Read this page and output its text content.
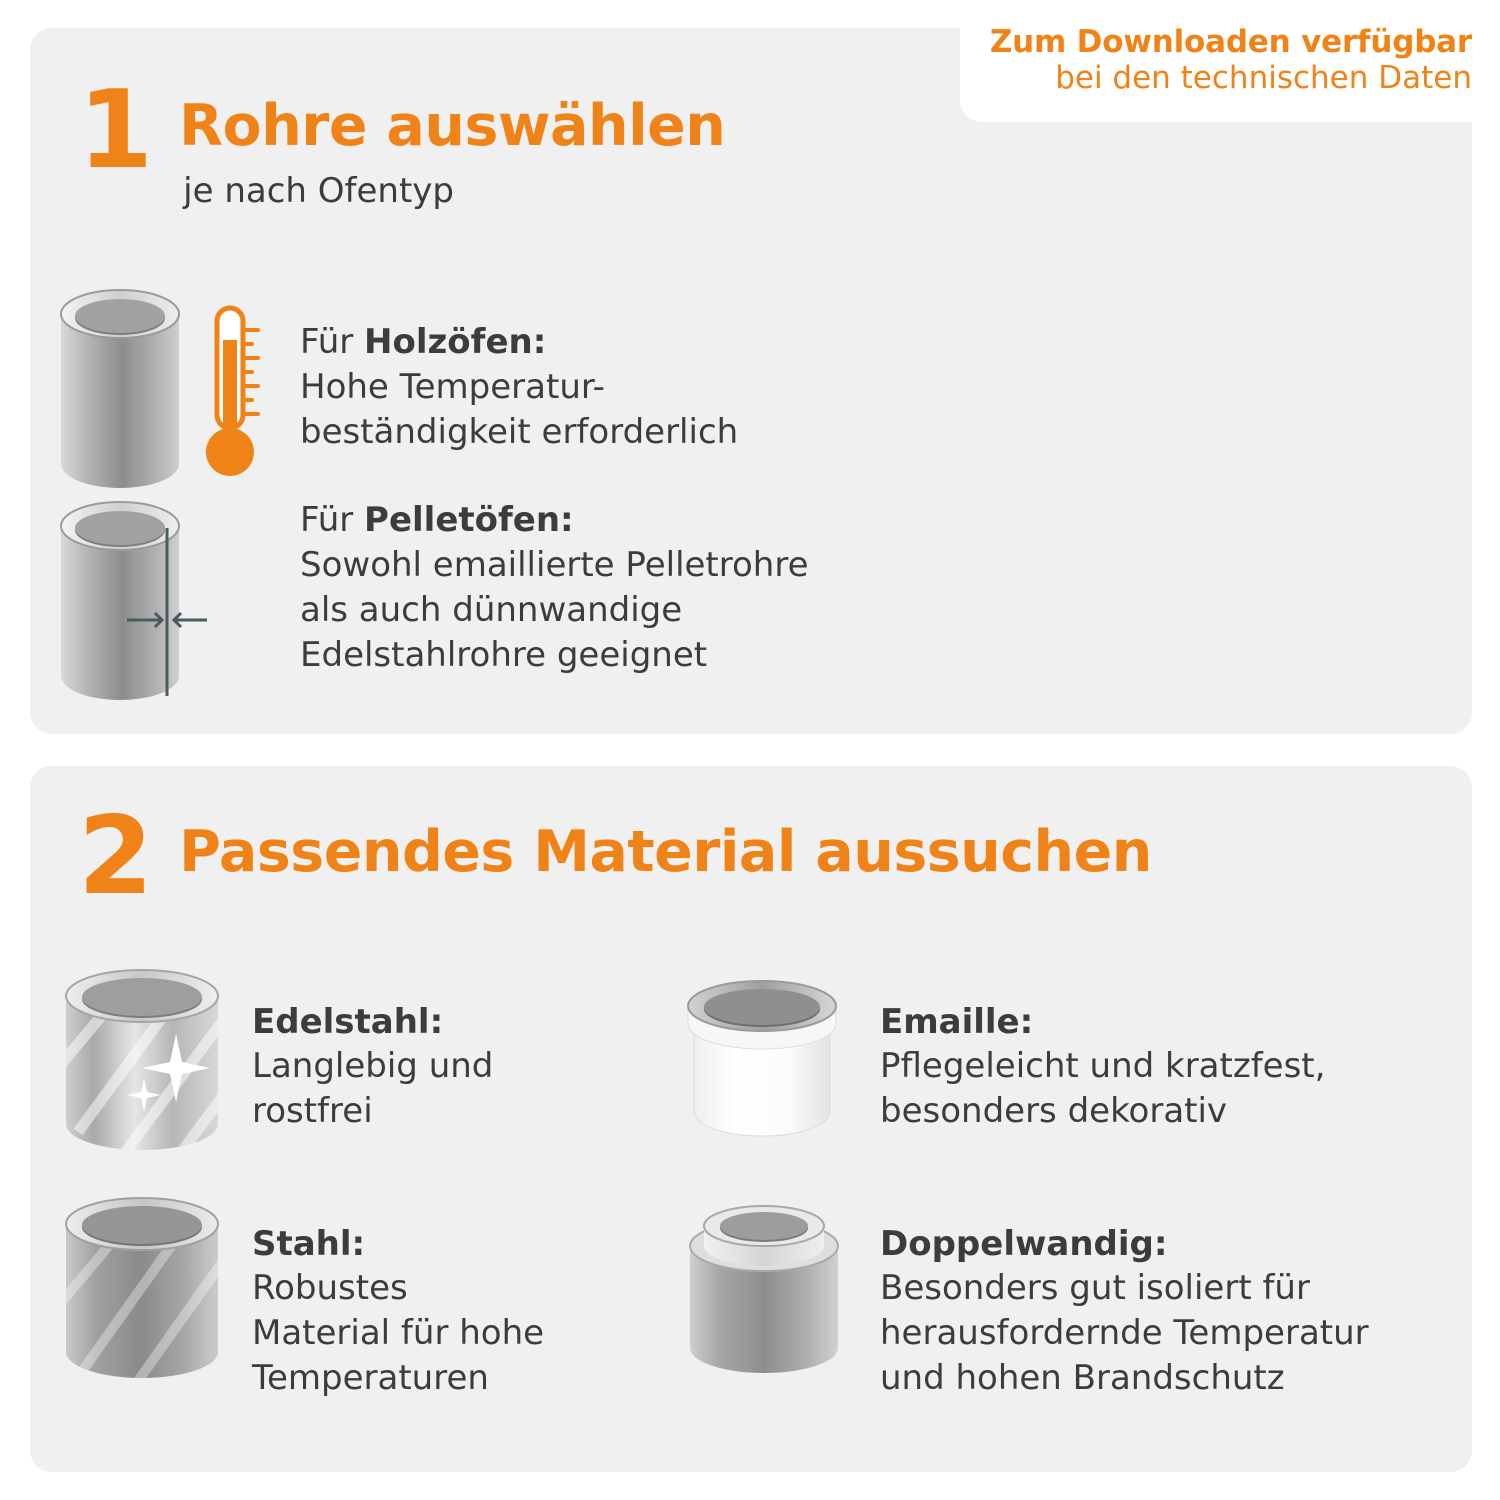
Zum Downloaden verfügbar
bei den technischen Daten
1 Rohre auswählen
je nach Ofentyp
Für Holzöfen:
Hohe Temperatur-
beständigkeit erforderlich
Für Pelletöfen:
Sowohl emaillierte Pelletrohre
als auch dünnwandige
Edelstahlrohre geeignet
2 Passendes Material aussuchen
Edelstahl:
Langlebig und
rostfrei
Emaille:
Pflegeleicht und kratzfest,
besonders dekorativ
Stahl:
Robustes
Material für hohe
Temperaturen
Doppelwandig:
Besonders gut isoliert für
herausfordernde Temperatur
und hohen Brandschutz
